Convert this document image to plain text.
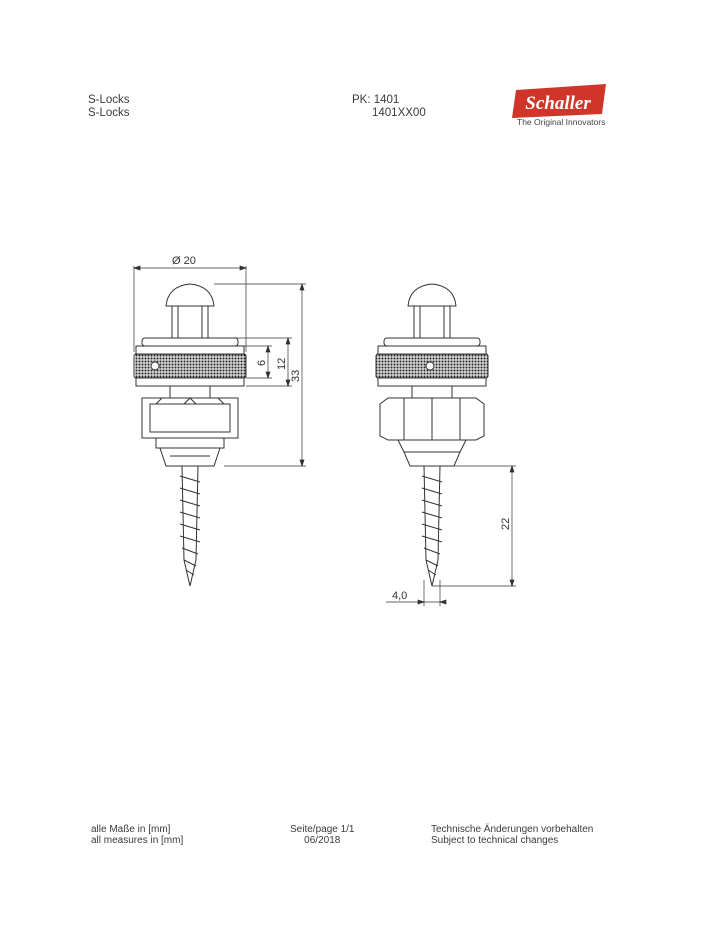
S-Locks
S-Locks
PK: 1401
1401XX00	Schaller
The Original Innovators
Ø 20
6 12
33
22
4,0
alle Maße in [mm]
all measures in [mm]
Seite/page 1/1
06/2018
Technische Änderungen vorbehalten
Subject to technical changes
